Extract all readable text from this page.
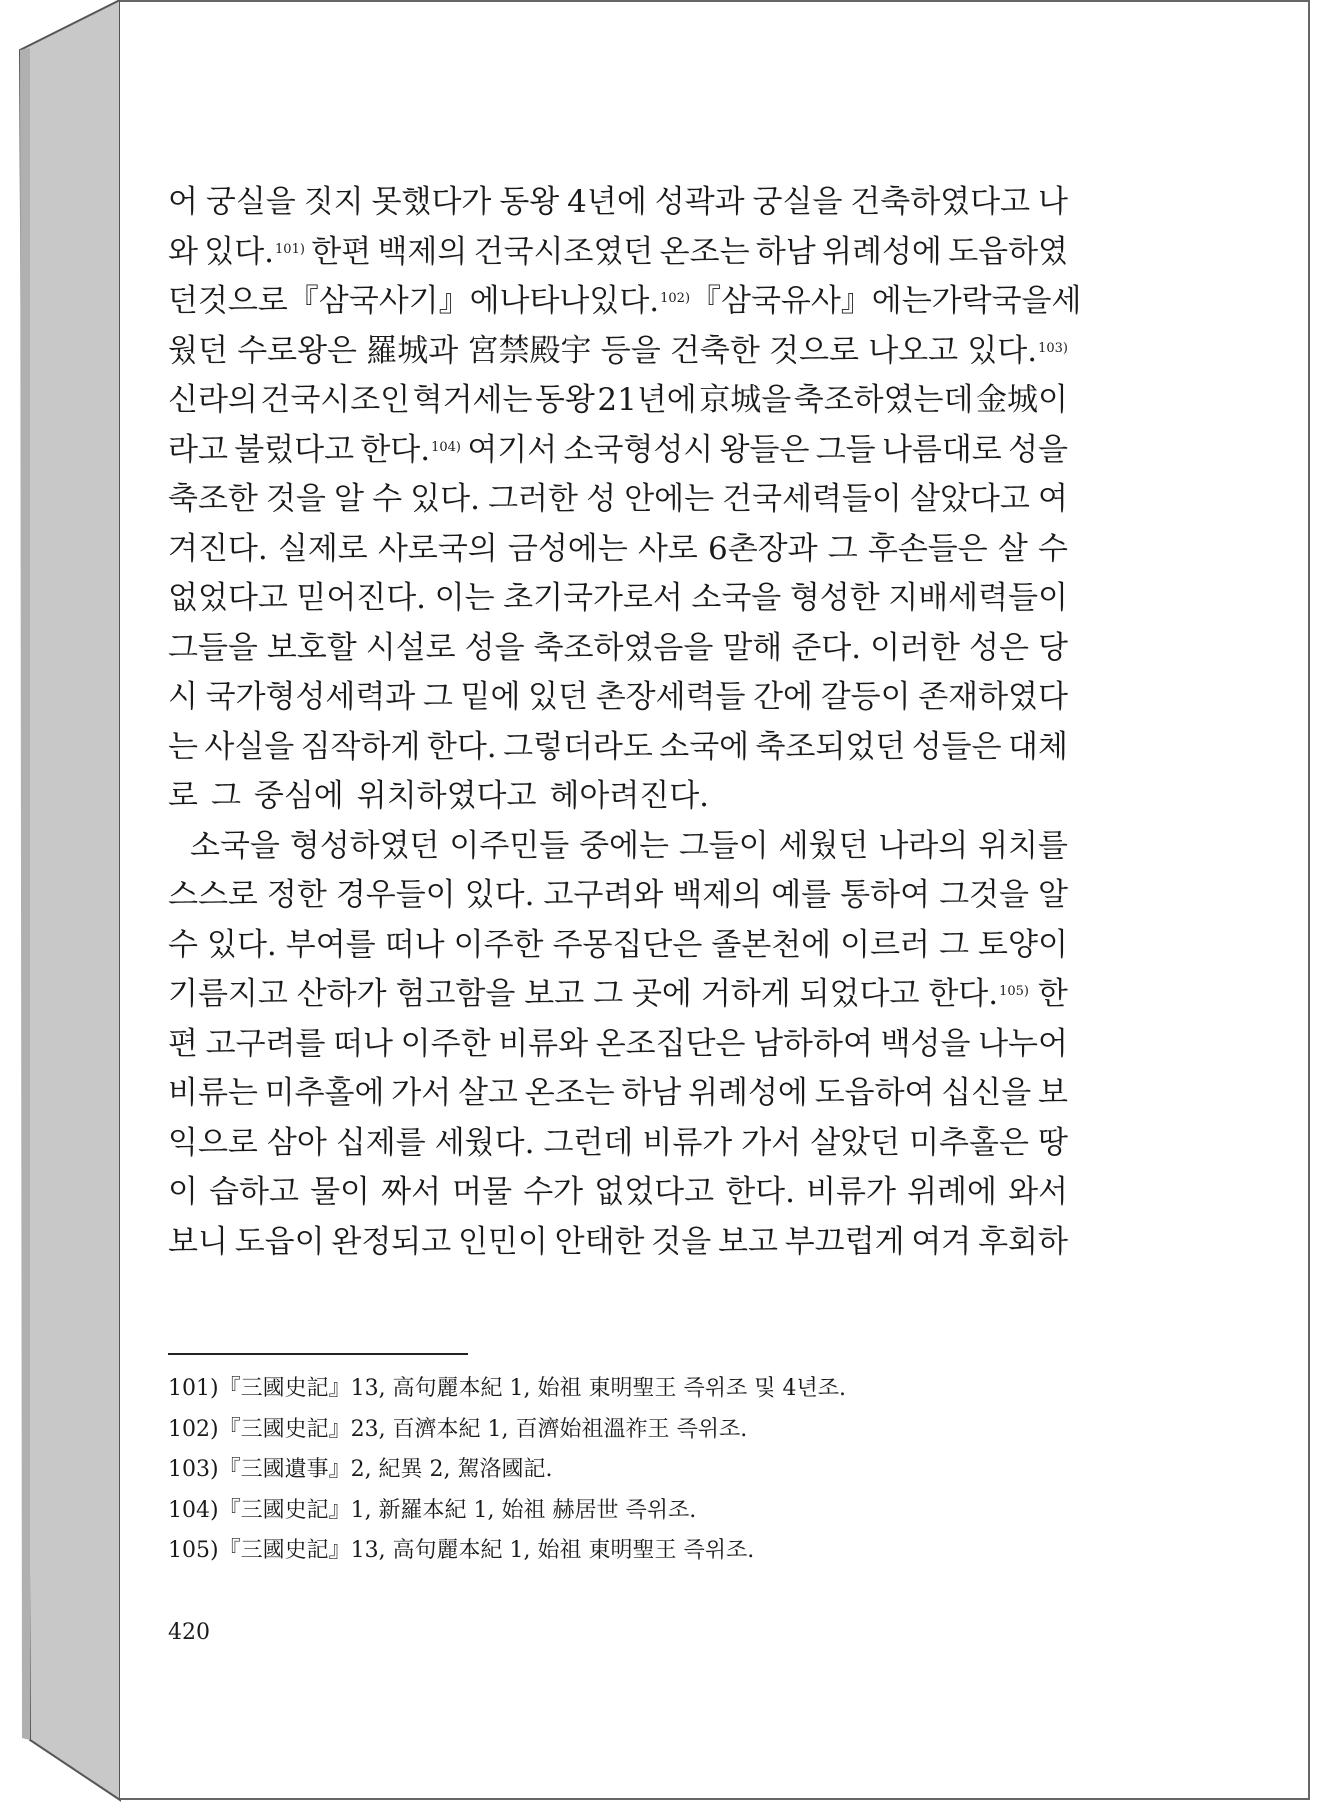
어 궁실을 짓지 못했다가 동왕 4년에 성곽과 궁실을 건축하였다고 나
와 있다.$^{101)}$ 한편 백제의 건국시조였던 온조는 하남 위례성에 도읍하였
던 것으로 『삼국사기』에 나타나 있다.$^{102)}$ 『삼국유사』에는 가락국을 세
웠던 수로왕은 羅城과 宮禁殿宇 등을 건축한 것으로 나오고 있다.$^{103)}$
신라의 건국시조인 혁거세는 동왕 21년에 京城을 축조하였는데 金城이
라고 불렀다고 한다.$^{104)}$ 여기서 소국형성시 왕들은 그들 나름대로 성을
축조한 것을 알 수 있다. 그러한 성 안에는 건국세력들이 살았다고 여
겨진다. 실제로 사로국의 금성에는 사로 6촌장과 그 후손들은 살 수
없었다고 믿어진다. 이는 초기국가로서 소국을 형성한 지배세력들이
그들을 보호할 시설로 성을 축조하였음을 말해 준다. 이러한 성은 당
시 국가형성세력과 그 밑에 있던 촌장세력들 간에 갈등이 존재하였다
는 사실을 짐작하게 한다. 그렇더라도 소국에 축조되었던 성들은 대체
로 그 중심에 위치하였다고 헤아려진다.
소국을 형성하였던 이주민들 중에는 그들이 세웠던 나라의 위치를
스스로 정한 경우들이 있다. 고구려와 백제의 예를 통하여 그것을 알
수 있다. 부여를 떠나 이주한 주몽집단은 졸본천에 이르러 그 토양이
기름지고 산하가 험고함을 보고 그 곳에 거하게 되었다고 한다.$^{105)}$ 한
편 고구려를 떠나 이주한 비류와 온조집단은 남하하여 백성을 나누어
비류는 미추홀에 가서 살고 온조는 하남 위례성에 도읍하여 십신을 보
익으로 삼아 십제를 세웠다. 그런데 비류가 가서 살았던 미추홀은 땅
이 습하고 물이 짜서 머물 수가 없었다고 한다. 비류가 위례에 와서
보니 도읍이 완정되고 인민이 안태한 것을 보고 부끄럽게 여겨 후회하
101)『三國史記』13, 高句麗本紀 1, 始祖 東明聖王 즉위조 및 4년조.
102)『三國史記』23, 百濟本紀 1, 百濟始祖溫祚王 즉위조.
103)『三國遺事』2, 紀異 2, 駕洛國記.
104)『三國史記』1, 新羅本紀 1, 始祖 赫居世 즉위조.
105)『三國史記』13, 高句麗本紀 1, 始祖 東明聖王 즉위조.
420
